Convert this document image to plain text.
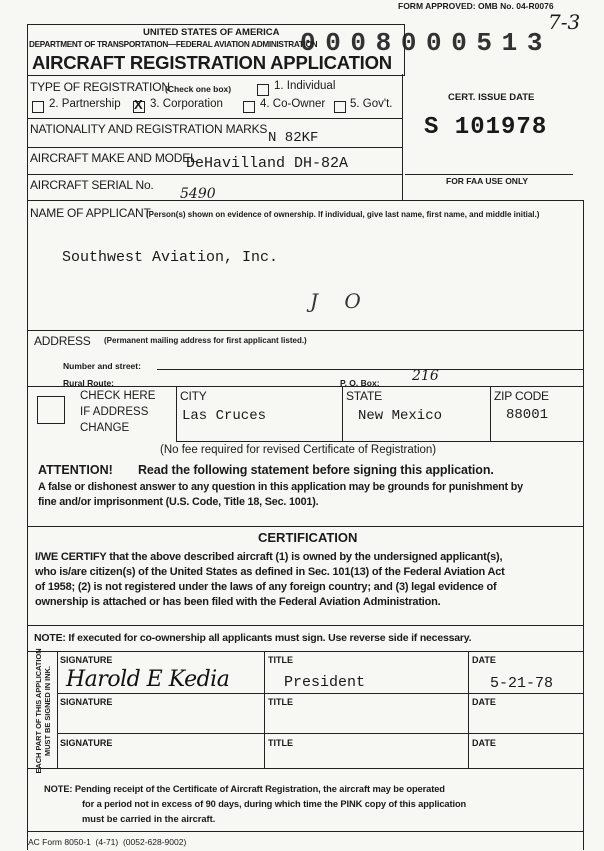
FORM APPROVED: OMB No. 04-R0076
7-3
UNITED STATES OF AMERICA
DEPARTMENT OF TRANSPORTATION—FEDERAL AVIATION ADMINISTRATION
AIRCRAFT REGISTRATION APPLICATION
0 0 0 8 0 0 0 5 1 3
CERT. ISSUE DATE
S 101978
FOR FAA USE ONLY
TYPE OF REGISTRATION
(Check one box)	1. Individual
2. Partnership X 3. Corporation	4. Co-Owner 5. Gov't.
NATIONALITY AND REGISTRATION MARKS
N 82KF
AIRCRAFT MAKE AND MODEL
DeHavilland DH-82A
AIRCRAFT SERIAL No.
5490
NAME OF APPLICANT
(Person(s) shown on evidence of ownership. If individual, give last name, first name, and middle initial.)
Southwest Aviation, Inc.
J O
ADDRESS (Permanent mailing address for first applicant listed.)
Number and street:
Rural Route:	P. O. Box: 216
CHECK HERE
IF ADDRESS
CHANGE
CITY
Las Cruces
STATE
New Mexico
ZIP CODE
88001
(No fee required for revised Certificate of Registration)
ATTENTION! Read the following statement before signing this application.
A false or dishonest answer to any question in this application may be grounds for punishment by
fine and/or imprisonment (U.S. Code, Title 18, Sec. 1001).
CERTIFICATION
I/WE CERTIFY that the above described aircraft (1) is owned by the undersigned applicant(s),
who is/are citizen(s) of the United States as defined in Sec. 101(13) of the Federal Aviation Act
of 1958; (2) is not registered under the laws of any foreign country; and (3) legal evidence of
ownership is attached or has been filed with the Federal Aviation Administration.
NOTE: If executed for co-ownership all applicants must sign. Use reverse side if necessary.
EACH PART OF THIS APPLICATION MUST BE SIGNED IN INK.
SIGNATURE	TITLE	DATE
Harold E Kedia	President	5-21-78
SIGNATURE	TITLE	DATE
SIGNATURE	TITLE	DATE
NOTE: Pending receipt of the Certificate of Aircraft Registration, the aircraft may be operated
for a period not in excess of 90 days, during which time the PINK copy of this application
must be carried in the aircraft.
AC Form 8050-1  (4-71)  (0052-628-9002)
